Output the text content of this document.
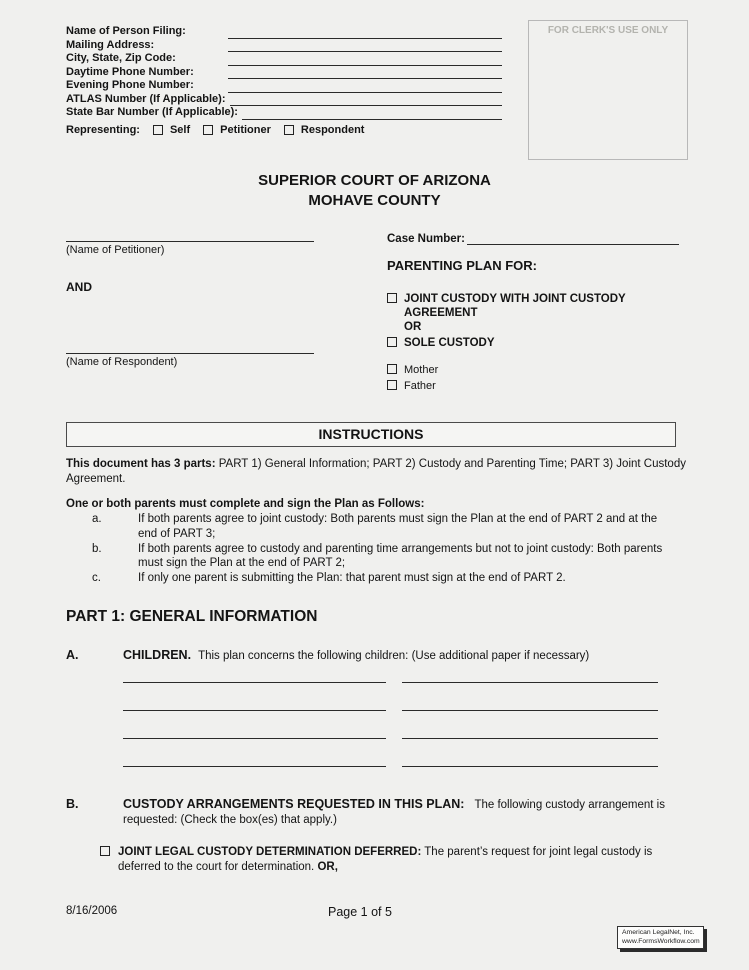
FOR CLERK'S USE ONLY
Name of Person Filing:
Mailing Address:
City, State, Zip Code:
Daytime Phone Number:
Evening Phone Number:
ATLAS Number (If Applicable):
State Bar Number (If Applicable):
Representing:	Self	Petitioner	Respondent
SUPERIOR COURT OF ARIZONA
MOHAVE COUNTY
(Name of Petitioner)
AND
(Name of Respondent)
Case Number:
PARENTING PLAN FOR:
JOINT CUSTODY WITH JOINT CUSTODY AGREEMENT
OR
SOLE CUSTODY
Mother
Father
INSTRUCTIONS

This document has 3 parts: PART 1) General Information; PART 2) Custody and Parenting Time; PART 3) Joint Custody Agreement.

One or both parents must complete and sign the Plan as Follows:
a.	If both parents agree to joint custody: Both parents must sign the Plan at the end of PART 2 and at the end of PART 3;
b.	If both parents agree to custody and parenting time arrangements but not to joint custody: Both parents must sign the Plan at the end of PART 2;
c.	If only one parent is submitting the Plan: that parent must sign at the end of PART 2.
PART 1: GENERAL INFORMATION
A.	CHILDREN. This plan concerns the following children: (Use additional paper if necessary)
B.	CUSTODY ARRANGEMENTS REQUESTED IN THIS PLAN: The following custody arrangement is requested: (Check the box(es) that apply.)
JOINT LEGAL CUSTODY DETERMINATION DEFERRED: The parent’s request for joint legal custody is deferred to the court for determination. OR,
8/16/2006	Page 1 of 5
American LegalNet, Inc.
www.FormsWorkflow.com
